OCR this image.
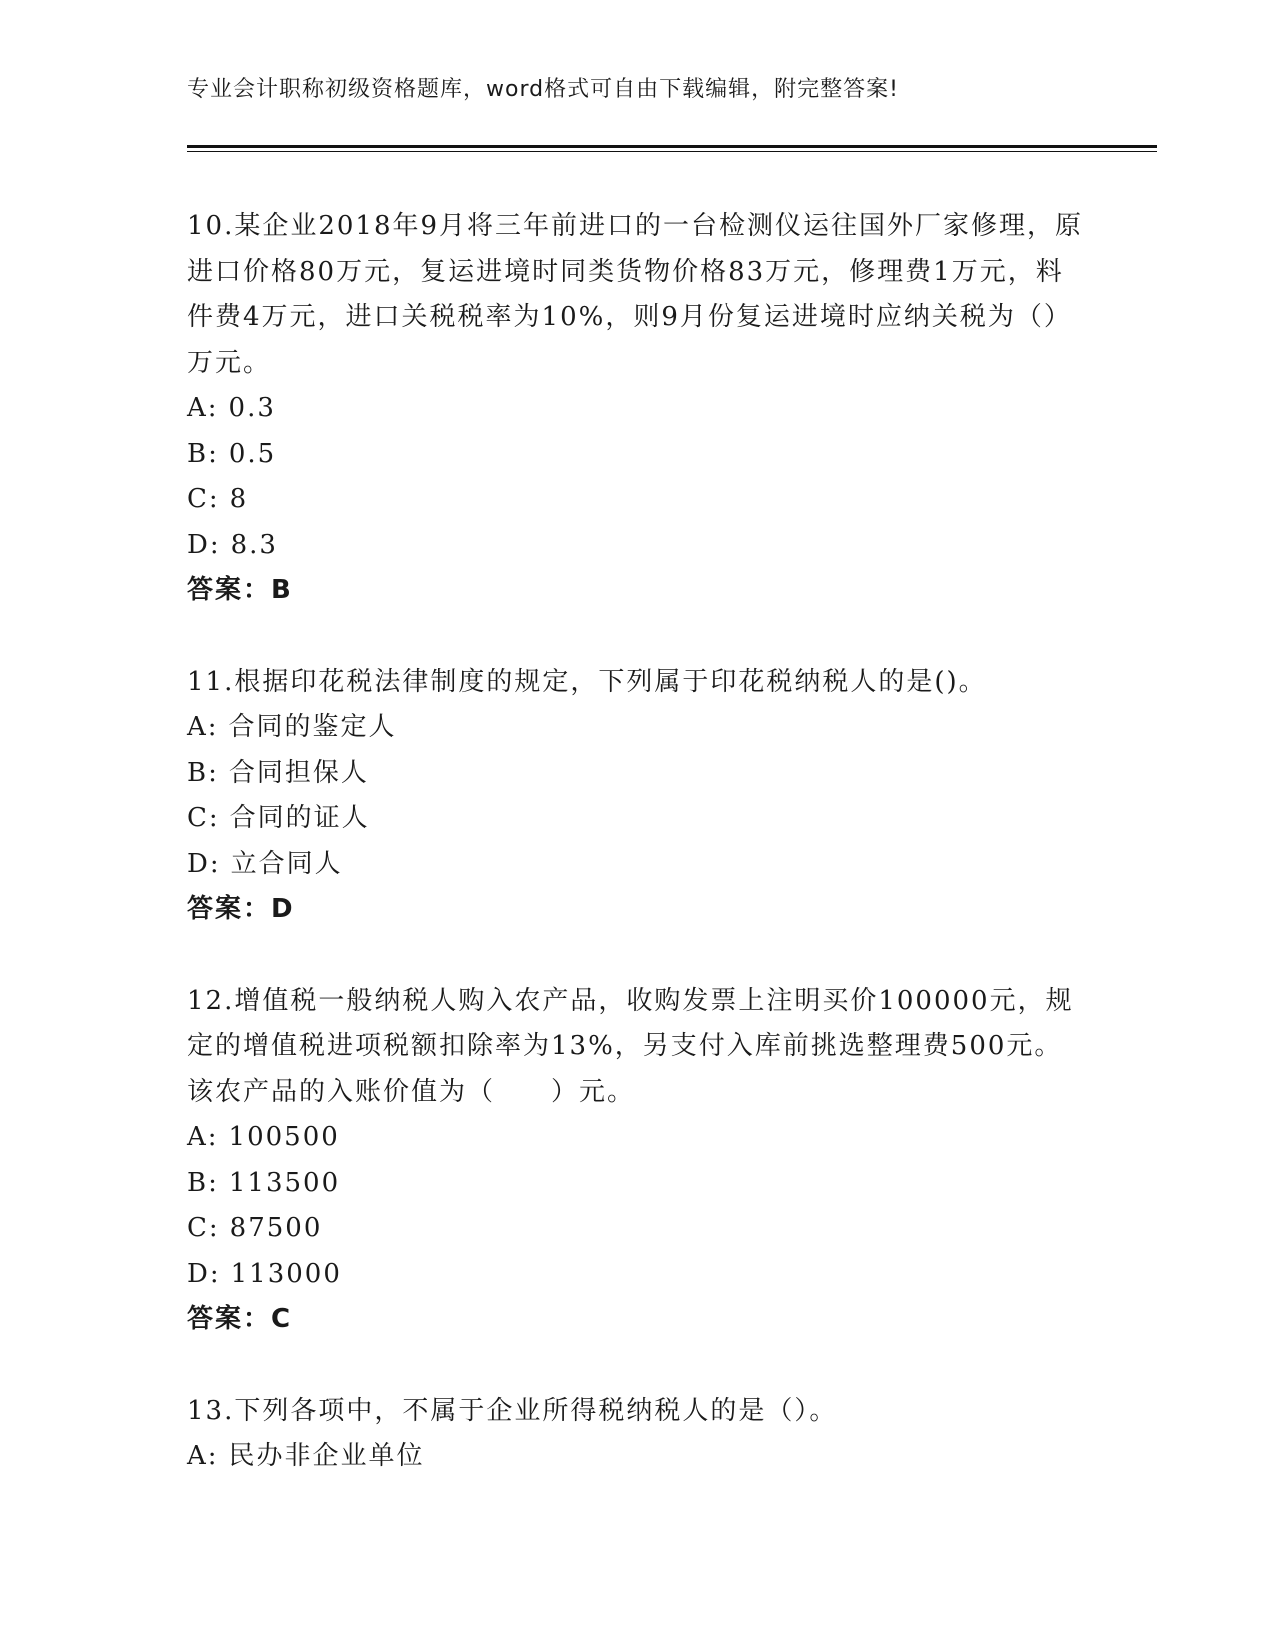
专业会计职称初级资格题库，word格式可自由下载编辑，附完整答案!

10.某企业2018年9月将三年前进口的一台检测仪运往国外厂家修理，原进口价格80万元，复运进境时同类货物价格83万元，修理费1万元，料件费4万元，进口关税税率为10%，则9月份复运进境时应纳关税为（）万元。

A: 0.3
B: 0.5
C: 8
D: 8.3
答案：B

11.根据印花税法律制度的规定，下列属于印花税纳税人的是()。

A: 合同的鉴定人
B: 合同担保人
C: 合同的证人
D: 立合同人
答案：D

12.增值税一般纳税人购入农产品，收购发票上注明买价100000元，规定的增值税进项税额扣除率为13%，另支付入库前挑选整理费500元。该农产品的入账价值为（　　）元。

A: 100500
B: 113500
C: 87500
D: 113000
答案：C

13.下列各项中，不属于企业所得税纳税人的是（）。

A: 民办非企业单位
